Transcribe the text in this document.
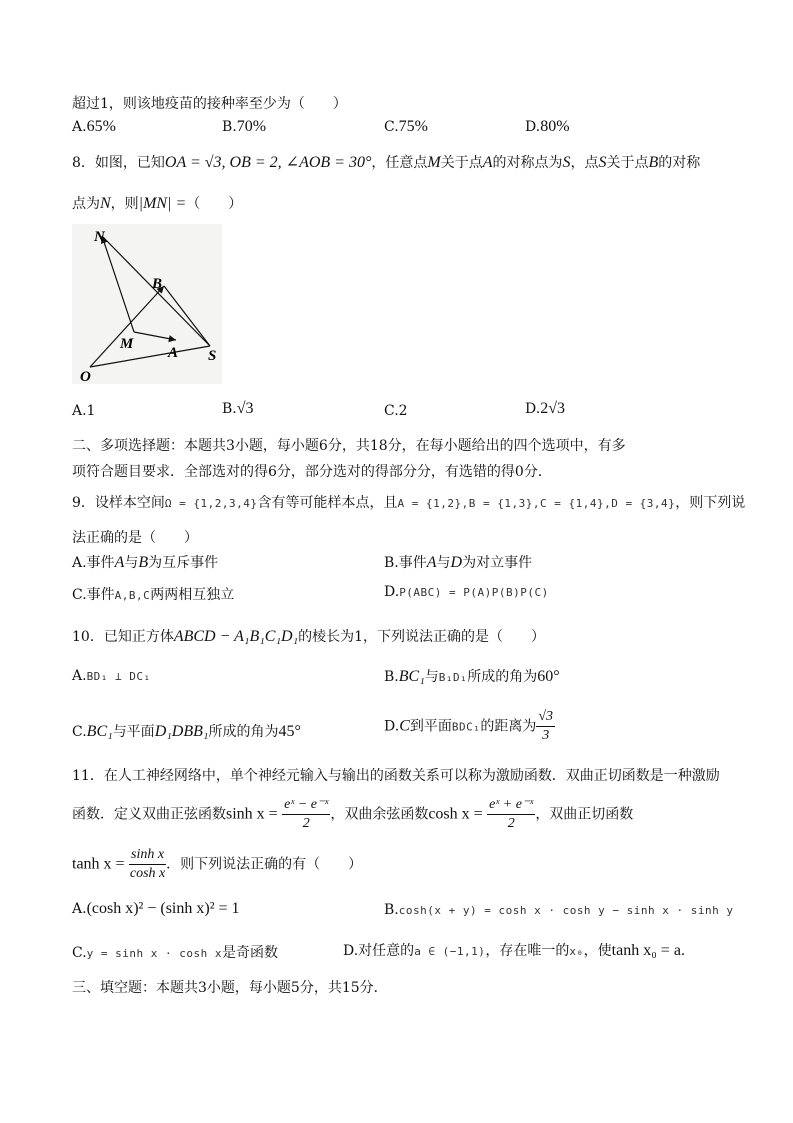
超过1，则该地疫苗的接种率至少为（　　）
A.65%	B.70%	C.75%	D.80%
8．如图，已知OA = √3, OB = 2, ∠AOB = 30°，任意点M关于点A的对称点为S，点S关于点B的对称
点为N，则|MN| =（　　）
N
B
M
A S
O
A.1	B.√3	C.2	D.2√3
二、多项选择题：本题共3小题，每小题6分，共18分，在每小题给出的四个选项中，有多
项符合题目要求．全部选对的得6分，部分选对的得部分分，有选错的得0分．
9．设样本空间Ω = {1,2,3,4}含有等可能样本点，且A = {1,2},B = {1,3},C = {1,4},D = {3,4}，则下列说
法正确的是（　　）
A.事件A与B为互斥事件	B.事件A与D为对立事件
C.事件A,B,C两两相互独立	D.P(ABC) = P(A)P(B)P(C)
10．已知正方体ABCD − A₁B₁C₁D₁的棱长为1，下列说法正确的是（　　）
A.BD₁ ⊥ DC₁	B.BC₁与B₁D₁所成的角为60°
C.BC₁与平面D₁DBB₁所成的角为45°	D.C到平面BDC₁的距离为 $\frac{√3}{3}$
11．在人工神经网络中，单个神经元输入与输出的函数关系可以称为激励函数．双曲正切函数是一种激励
函数．定义双曲正弦函数$\sinh x = \frac{\text{eˣ − e⁻ˣ}}{2}$ ，双曲余弦函数$\cosh x = \frac{\text{eˣ + e⁻ˣ}}{2}$ ，双曲正切函数
$\tanh x = \frac{\text{sinh x}}{\text{cosh x}}$ ．则下列说法正确的有（　　）
A.(cosh x)² − (sinh x)² = 1	B.cosh(x + y) = cosh x · cosh y − sinh x · sinh y
C.y = sinh x · cosh x是奇函数	D.对任意的a ∈ (−1,1)，存在唯一的x₀，使tanh x₀ = a．
三、填空题：本题共3小题，每小题5分，共15分．
